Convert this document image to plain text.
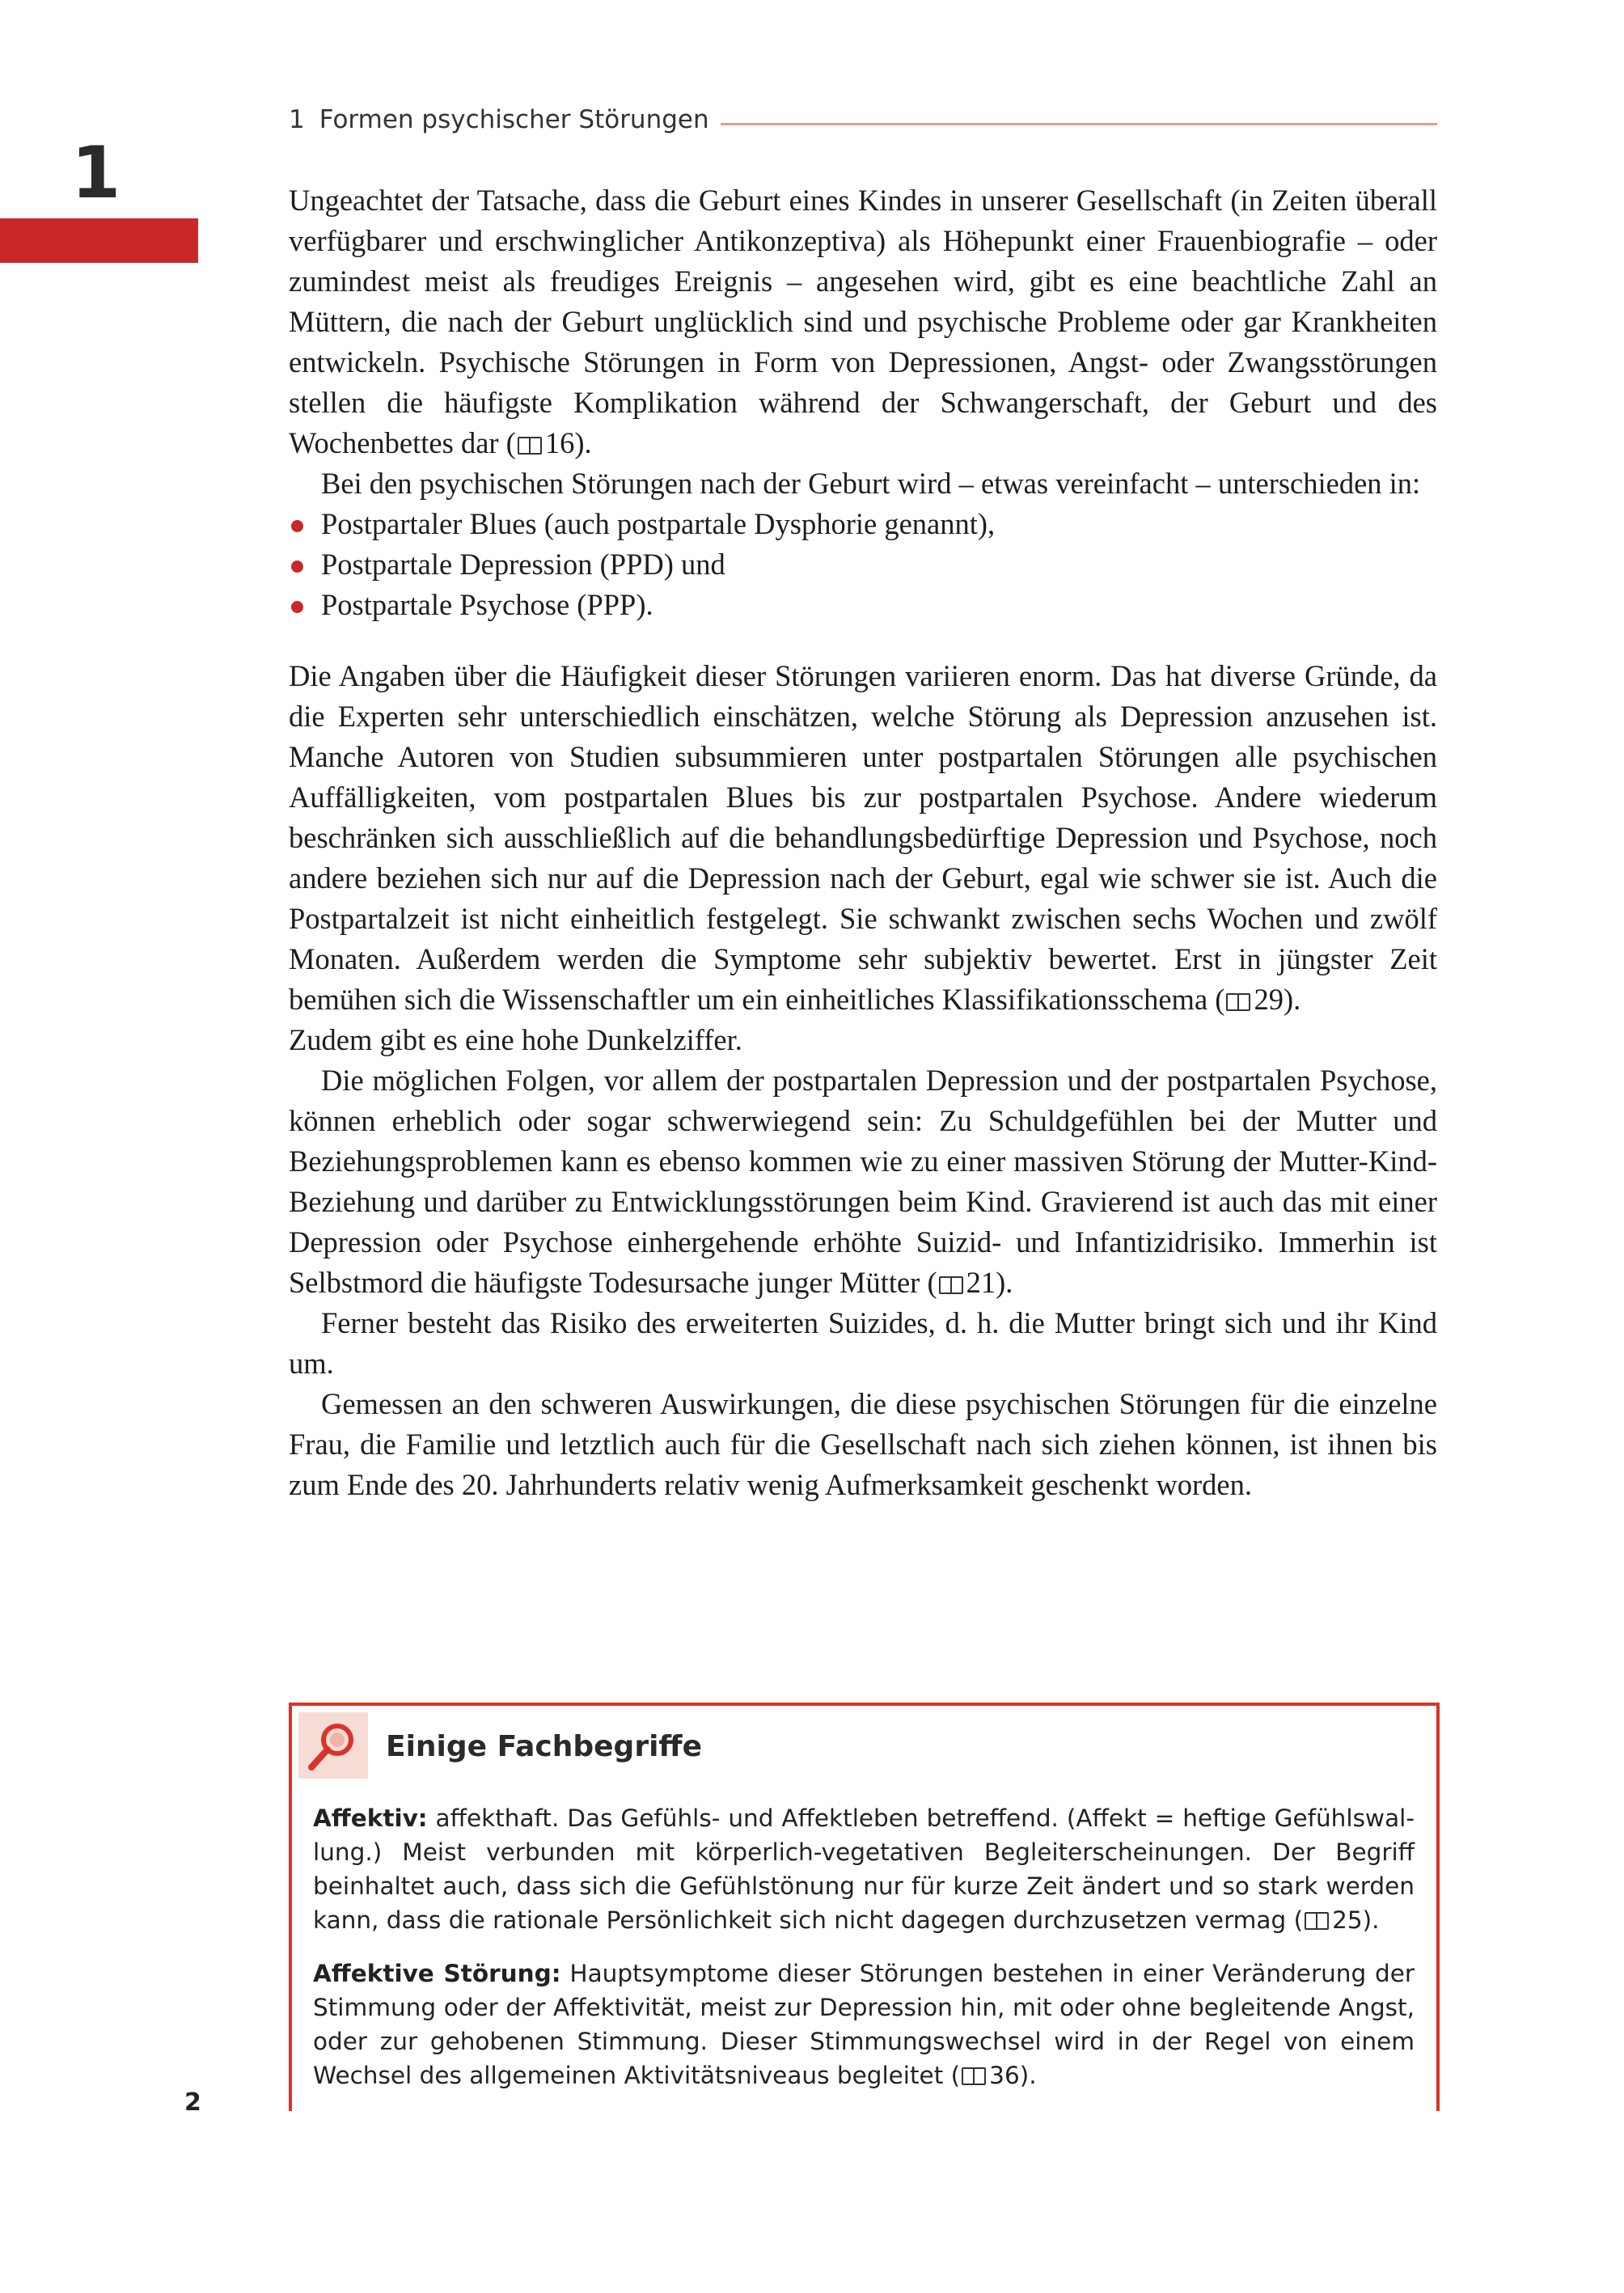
1
1 Formen psychischer Störungen

Ungeachtet der Tatsache, dass die Geburt eines Kindes in unserer Gesellschaft (in Zeiten überall verfügbarer und erschwinglicher Antikonzeptiva) als Höhepunkt einer Frauenbiografie – oder zumindest meist als freudiges Ereignis – angesehen wird, gibt es eine beachtliche Zahl an Müttern, die nach der Geburt unglücklich sind und psychische Probleme oder gar Krankheiten entwickeln. Psychische Störungen in Form von Depressionen, Angst- oder Zwangsstörungen stellen die häufigste Komplikation während der Schwangerschaft, der Geburt und des Wochenbettes dar ( 16).

Bei den psychischen Störungen nach der Geburt wird – etwas vereinfacht – unterschieden in:

Postpartaler Blues (auch postpartale Dysphorie genannt),
Postpartale Depression (PPD) und
Postpartale Psychose (PPP).

Die Angaben über die Häufigkeit dieser Störungen variieren enorm. Das hat diverse Gründe, da die Experten sehr unterschiedlich einschätzen, welche Störung als Depression anzusehen ist. Manche Autoren von Studien subsummieren unter postpartalen Störungen alle psychischen Auffälligkeiten, vom postpartalen Blues bis zur postpartalen Psychose. Andere wiederum beschränken sich ausschließlich auf die behandlungsbedürftige Depression und Psychose, noch andere beziehen sich nur auf die Depression nach der Geburt, egal wie schwer sie ist. Auch die Postpartalzeit ist nicht einheitlich festgelegt. Sie schwankt zwischen sechs Wochen und zwölf Monaten. Außerdem werden die Symptome sehr subjektiv bewertet. Erst in jüngster Zeit bemühen sich die Wissenschaftler um ein einheitliches Klassifikationsschema ( 29).

Zudem gibt es eine hohe Dunkelziffer.

Die möglichen Folgen, vor allem der postpartalen Depression und der postpartalen Psychose, können erheblich oder sogar schwerwiegend sein: Zu Schuldgefühlen bei der Mutter und Beziehungsproblemen kann es ebenso kommen wie zu einer massiven Störung der Mutter-Kind-Beziehung und darüber zu Entwicklungsstörungen beim Kind. Gravierend ist auch das mit einer Depression oder Psychose einhergehende erhöhte Suizid- und Infantizidrisiko. Immerhin ist Selbstmord die häufigste Todesursache junger Mütter ( 21).

Ferner besteht das Risiko des erweiterten Suizides, d. h. die Mutter bringt sich und ihr Kind um.

Gemessen an den schweren Auswirkungen, die diese psychischen Störungen für die einzelne Frau, die Familie und letztlich auch für die Gesellschaft nach sich ziehen können, ist ihnen bis zum Ende des 20. Jahrhunderts relativ wenig Aufmerksamkeit geschenkt worden.

Einige Fachbegriffe

Affektiv: affekthaft. Das Gefühls- und Affektleben betreffend. (Affekt = heftige Gefühlswallung.) Meist verbunden mit körperlich-vegetativen Begleiterscheinungen. Der Begriff beinhaltet auch, dass sich die Gefühlstönung nur für kurze Zeit ändert und so stark werden kann, dass die rationale Persönlichkeit sich nicht dagegen durchzusetzen vermag ( 25).

Affektive Störung: Hauptsymptome dieser Störungen bestehen in einer Veränderung der Stimmung oder der Affektivität, meist zur Depression hin, mit oder ohne begleitende Angst, oder zur gehobenen Stimmung. Dieser Stimmungswechsel wird in der Regel von einem Wechsel des allgemeinen Aktivitätsniveaus begleitet ( 36).

2
